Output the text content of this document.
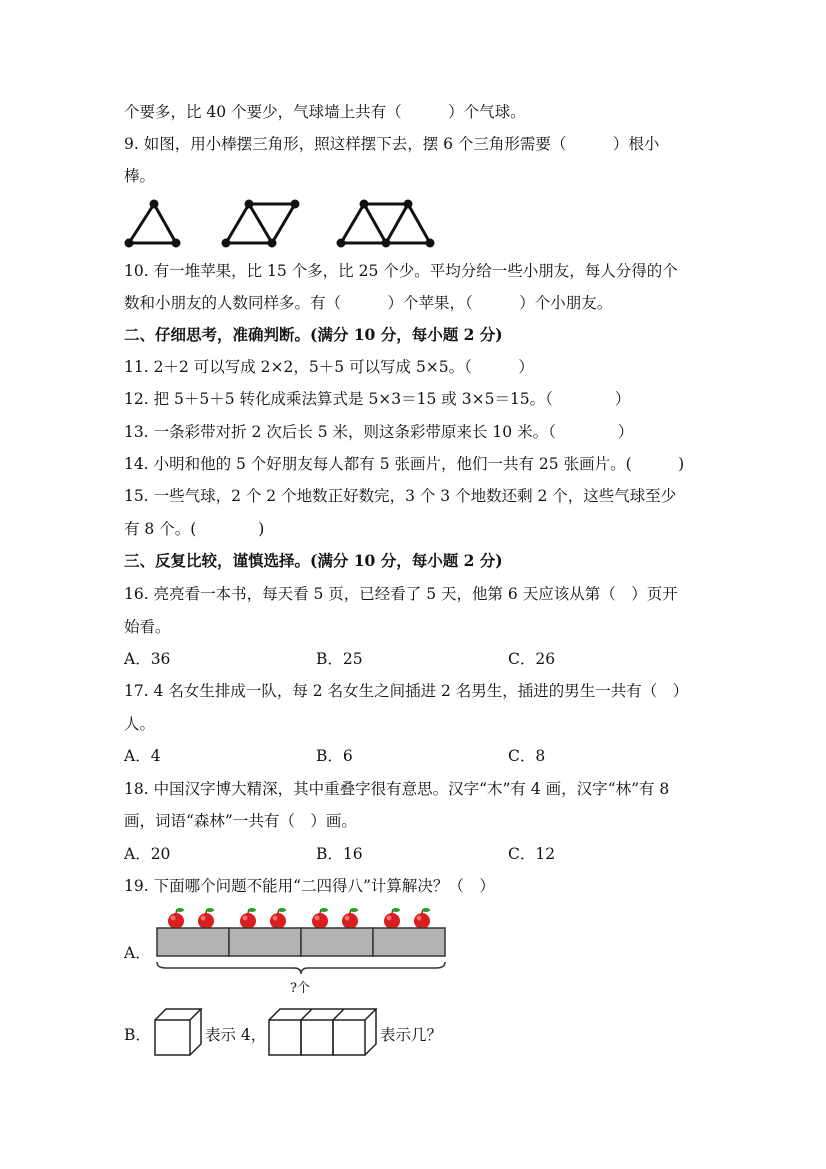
个要多，比 40 个要少，气球墙上共有（　　　）个气球。
9. 如图，用小棒摆三角形，照这样摆下去，摆 6 个三角形需要（　　　）根小
棒。
10. 有一堆苹果，比 15 个多，比 25 个少。平均分给一些小朋友，每人分得的个
数和小朋友的人数同样多。有（　　　）个苹果，（　　　）个小朋友。
二、仔细思考，准确判断。(满分 10 分，每小题 2 分)
11. 2＋2 可以写成 2×2，5＋5 可以写成 5×5。（　　　）
12. 把 5＋5＋5 转化成乘法算式是 5×3＝15 或 3×5＝15。（　　　　）
13. 一条彩带对折 2 次后长 5 米，则这条彩带原来长 10 米。（　　　　）
14. 小明和他的 5 个好朋友每人都有 5 张画片，他们一共有 25 张画片。(　　　)
15. 一些气球，2 个 2 个地数正好数完，3 个 3 个地数还剩 2 个，这些气球至少
有 8 个。(　　　　)
三、反复比较，谨慎选择。(满分 10 分，每小题 2 分)
16. 亮亮看一本书，每天看 5 页，已经看了 5 天，他第 6 天应该从第（　）页开
始看。
A．36	B．25	C．26
17. 4 名女生排成一队，每 2 名女生之间插进 2 名男生，插进的男生一共有（　）
人。
A．4	B．6	C．8
18. 中国汉字博大精深，其中重叠字很有意思。汉字“木”有 4 画，汉字“林”有 8
画，词语“森林”一共有（　）画。
A．20	B．16	C．12
19. 下面哪个问题不能用“二四得八”计算解决？（　）
A．
?个
B．	表示 4，	表示几？
